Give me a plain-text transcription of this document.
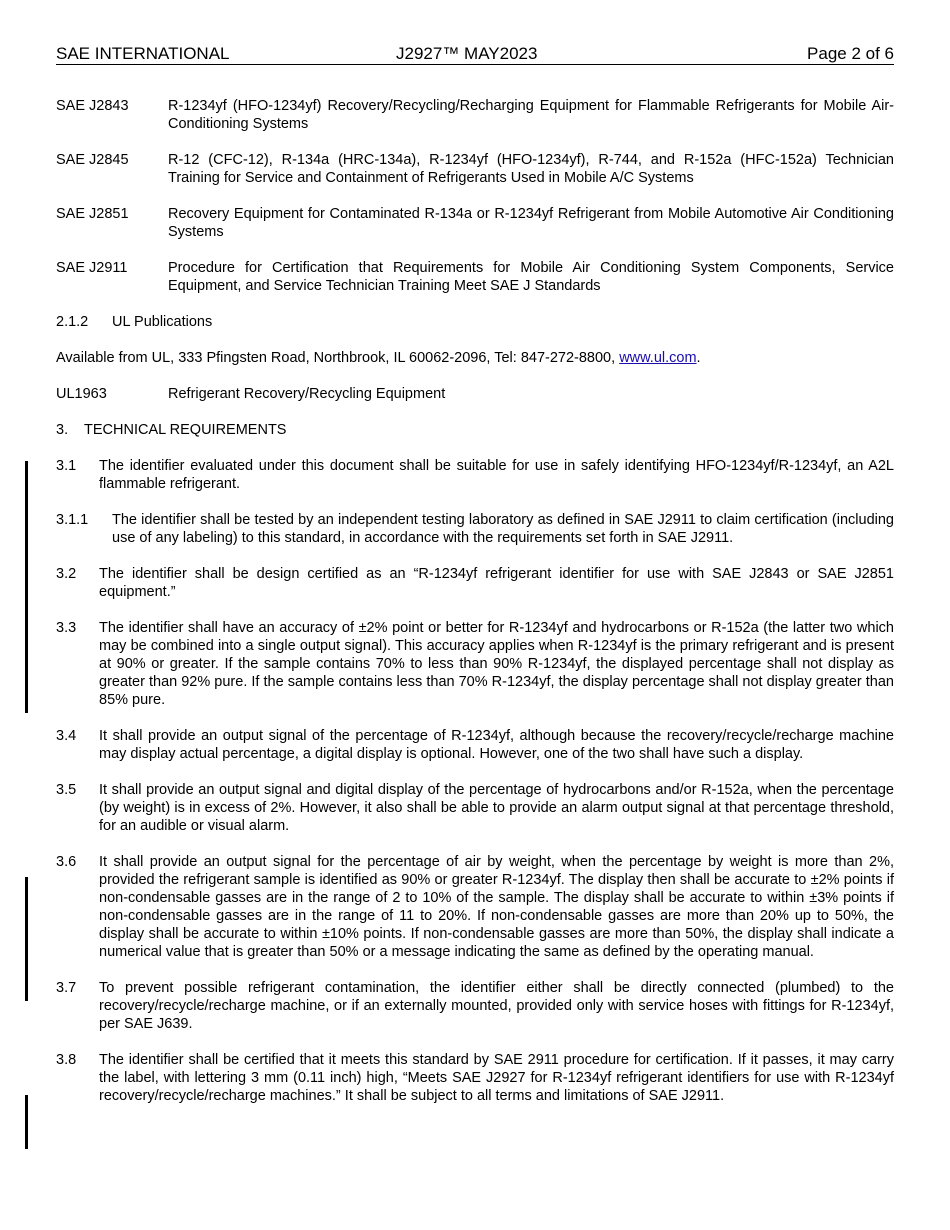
SAE INTERNATIONAL	J2927™ MAY2023	Page 2 of 6
SAE J2843	R-1234yf (HFO-1234yf) Recovery/Recycling/Recharging Equipment for Flammable Refrigerants for Mobile Air-Conditioning Systems
SAE J2845	R-12 (CFC-12), R-134a (HRC-134a), R-1234yf (HFO-1234yf), R-744, and R-152a (HFC-152a) Technician Training for Service and Containment of Refrigerants Used in Mobile A/C Systems
SAE J2851	Recovery Equipment for Contaminated R-134a or R-1234yf Refrigerant from Mobile Automotive Air Conditioning Systems
SAE J2911	Procedure for Certification that Requirements for Mobile Air Conditioning System Components, Service Equipment, and Service Technician Training Meet SAE J Standards
2.1.2	UL Publications
Available from UL, 333 Pfingsten Road, Northbrook, IL 60062-2096, Tel: 847-272-8800, www.ul.com.
UL1963	Refrigerant Recovery/Recycling Equipment
3. TECHNICAL REQUIREMENTS
3.1	The identifier evaluated under this document shall be suitable for use in safely identifying HFO-1234yf/R-1234yf, an A2L flammable refrigerant.
3.1.1	The identifier shall be tested by an independent testing laboratory as defined in SAE J2911 to claim certification (including use of any labeling) to this standard, in accordance with the requirements set forth in SAE J2911.
3.2	The identifier shall be design certified as an “R-1234yf refrigerant identifier for use with SAE J2843 or SAE J2851 equipment.”
3.3	The identifier shall have an accuracy of ±2% point or better for R-1234yf and hydrocarbons or R-152a (the latter two which may be combined into a single output signal). This accuracy applies when R-1234yf is the primary refrigerant and is present at 90% or greater. If the sample contains 70% to less than 90% R-1234yf, the displayed percentage shall not display as greater than 92% pure. If the sample contains less than 70% R-1234yf, the display percentage shall not display greater than 85% pure.
3.4	It shall provide an output signal of the percentage of R-1234yf, although because the recovery/recycle/recharge machine may display actual percentage, a digital display is optional. However, one of the two shall have such a display.
3.5	It shall provide an output signal and digital display of the percentage of hydrocarbons and/or R-152a, when the percentage (by weight) is in excess of 2%. However, it also shall be able to provide an alarm output signal at that percentage threshold, for an audible or visual alarm.
3.6	It shall provide an output signal for the percentage of air by weight, when the percentage by weight is more than 2%, provided the refrigerant sample is identified as 90% or greater R-1234yf. The display then shall be accurate to ±2% points if non-condensable gasses are in the range of 2 to 10% of the sample. The display shall be accurate to within ±3% points if non-condensable gasses are in the range of 11 to 20%. If non-condensable gasses are more than 20% up to 50%, the display shall be accurate to within ±10% points. If non-condensable gasses are more than 50%, the display shall indicate a numerical value that is greater than 50% or a message indicating the same as defined by the operating manual.
3.7	To prevent possible refrigerant contamination, the identifier either shall be directly connected (plumbed) to the recovery/recycle/recharge machine, or if an externally mounted, provided only with service hoses with fittings for R-1234yf, per SAE J639.
3.8	The identifier shall be certified that it meets this standard by SAE 2911 procedure for certification. If it passes, it may carry the label, with lettering 3 mm (0.11 inch) high, “Meets SAE J2927 for R-1234yf refrigerant identifiers for use with R-1234yf recovery/recycle/recharge machines.” It shall be subject to all terms and limitations of SAE J2911.
